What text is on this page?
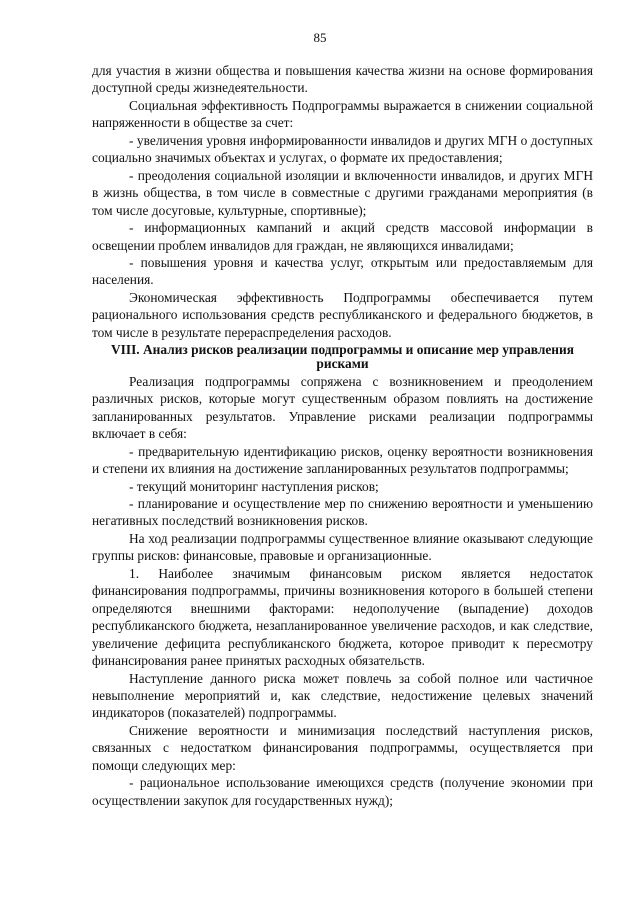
85

для участия в жизни общества и повышения качества жизни на основе формирования доступной среды жизнедеятельности.

Социальная эффективность Подпрограммы выражается в снижении социальной напряженности в обществе за счет:

- увеличения уровня информированности инвалидов и других МГН о доступных социально значимых объектах и услугах, о формате их предоставления;

- преодоления социальной изоляции и включенности инвалидов, и других МГН в жизнь общества, в том числе в совместные с другими гражданами мероприятия (в том числе досуговые, культурные, спортивные);

- информационных кампаний и акций средств массовой информации в освещении проблем инвалидов для граждан, не являющихся инвалидами;

- повышения уровня и качества услуг, открытым или предоставляемым для населения.

Экономическая эффективность Подпрограммы обеспечивается путем рационального использования средств республиканского и федерального бюджетов, в том числе в результате перераспределения расходов.

VIII. Анализ рисков реализации подпрограммы и описание мер управления рисками

Реализация подпрограммы сопряжена с возникновением и преодолением различных рисков, которые могут существенным образом повлиять на достижение запланированных результатов. Управление рисками реализации подпрограммы включает в себя:

- предварительную идентификацию рисков, оценку вероятности возникновения и степени их влияния на достижение запланированных результатов подпрограммы;

- текущий мониторинг наступления рисков;

- планирование и осуществление мер по снижению вероятности и уменьшению негативных последствий возникновения рисков.

На ход реализации подпрограммы существенное влияние оказывают следующие группы рисков: финансовые, правовые и организационные.

1. Наиболее значимым финансовым риском является недостаток финансирования подпрограммы, причины возникновения которого в большей степени определяются внешними факторами: недополучение (выпадение) доходов республиканского бюджета, незапланированное увеличение расходов, и как следствие, увеличение дефицита республиканского бюджета, которое приводит к пересмотру финансирования ранее принятых расходных обязательств.

Наступление данного риска может повлечь за собой полное или частичное невыполнение мероприятий и, как следствие, недостижение целевых значений индикаторов (показателей) подпрограммы.

Снижение вероятности и минимизация последствий наступления рисков, связанных с недостатком финансирования подпрограммы, осуществляется при помощи следующих мер:

- рациональное использование имеющихся средств (получение экономии при осуществлении закупок для государственных нужд);
